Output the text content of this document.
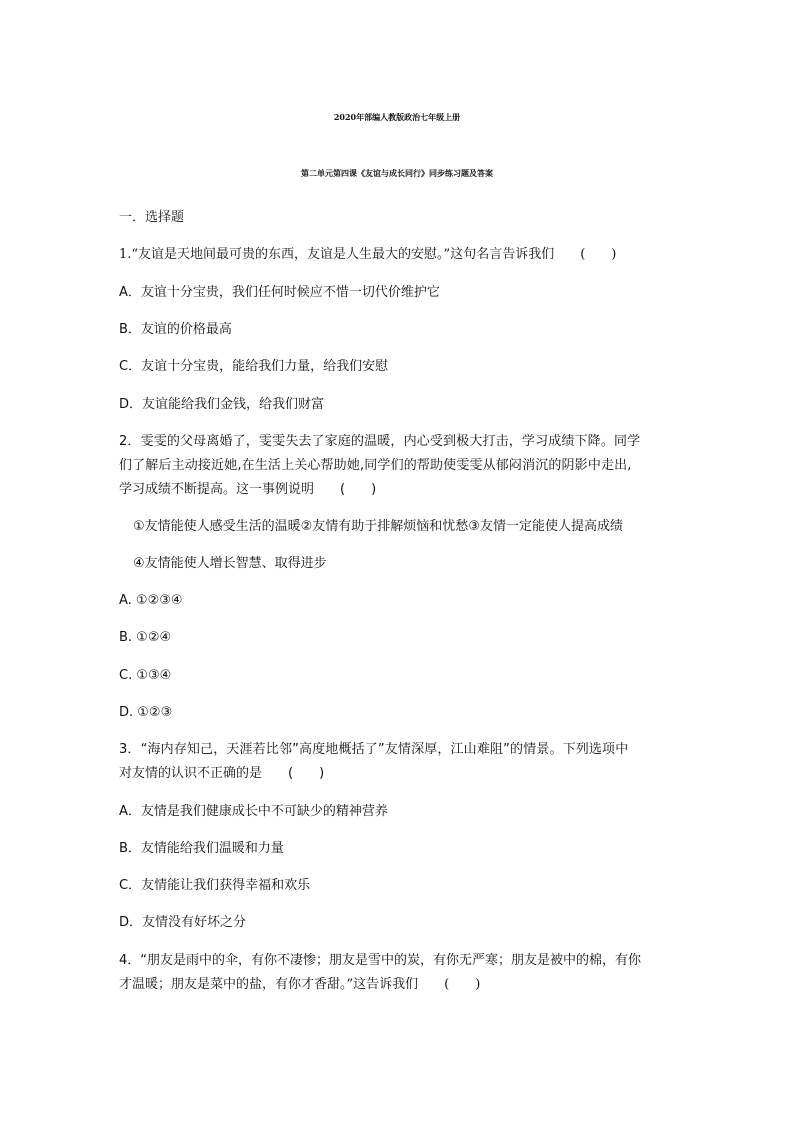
2020年部编人教版政治七年级上册
第二单元第四课《友谊与成长同行》同步练习题及答案
一．选择题
1.“友谊是天地间最可贵的东西，友谊是人生最大的安慰。”这句名言告诉我们　　(　　)
A．友谊十分宝贵，我们任何时候应不惜一切代价维护它
B．友谊的价格最高
C．友谊十分宝贵，能给我们力量，给我们安慰
D．友谊能给我们金钱，给我们财富
2．雯雯的父母离婚了，雯雯失去了家庭的温暖，内心受到极大打击，学习成绩下降。同学
们了解后主动接近她,在生活上关心帮助她,同学们的帮助使雯雯从郁闷消沉的阴影中走出,
学习成绩不断提高。这一事例说明　　(　　)
①友情能使人感受生活的温暖②友情有助于排解烦恼和忧愁③友情一定能使人提高成绩
④友情能使人增长智慧、取得进步
A. ①②③④
B. ①②④
C. ①③④
D. ①②③
3．“海内存知己，天涯若比邻”高度地概括了”友情深厚，江山难阻”的情景。下列选项中
对友情的认识不正确的是　　(　　)
A．友情是我们健康成长中不可缺少的精神营养
B．友情能给我们温暖和力量
C．友情能让我们获得幸福和欢乐
D．友情没有好坏之分
4．“朋友是雨中的伞，有你不凄惨；朋友是雪中的炭，有你无严寒；朋友是被中的棉，有你
才温暖；朋友是菜中的盐，有你才香甜。”这告诉我们　　(　　)
